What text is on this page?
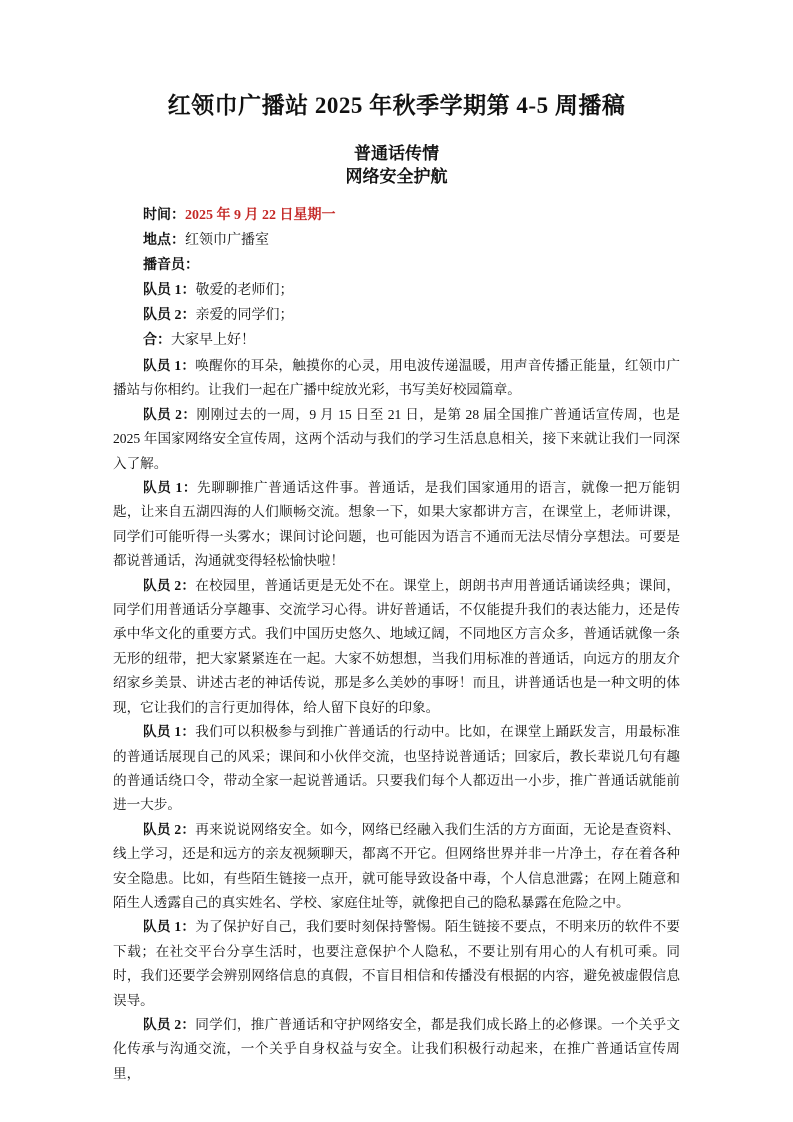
红领巾广播站 2025 年秋季学期第 4-5 周播稿
普通话传情
网络安全护航
时间：2025 年 9 月 22 日星期一
地点：红领巾广播室
播音员：
队员 1：敬爱的老师们；
队员 2：亲爱的同学们；
合：大家早上好！

队员 1：唤醒你的耳朵，触摸你的心灵，用电波传递温暖，用声音传播正能量，红领巾广播站与你相约。让我们一起在广播中绽放光彩，书写美好校园篇章。

队员 2：刚刚过去的一周，9 月 15 日至 21 日，是第 28 届全国推广普通话宣传周，也是 2025 年国家网络安全宣传周，这两个活动与我们的学习生活息息相关，接下来就让我们一同深入了解。

队员 1：先聊聊推广普通话这件事。普通话，是我们国家通用的语言，就像一把万能钥匙，让来自五湖四海的人们顺畅交流。想象一下，如果大家都讲方言，在课堂上，老师讲课，同学们可能听得一头雾水；课间讨论问题，也可能因为语言不通而无法尽情分享想法。可要是都说普通话，沟通就变得轻松愉快啦！

队员 2：在校园里，普通话更是无处不在。课堂上，朗朗书声用普通话诵读经典；课间，同学们用普通话分享趣事、交流学习心得。讲好普通话，不仅能提升我们的表达能力，还是传承中华文化的重要方式。我们中国历史悠久、地域辽阔，不同地区方言众多，普通话就像一条无形的纽带，把大家紧紧连在一起。大家不妨想想，当我们用标准的普通话，向远方的朋友介绍家乡美景、讲述古老的神话传说，那是多么美妙的事呀！而且，讲普通话也是一种文明的体现，它让我们的言行更加得体，给人留下良好的印象。

队员 1：我们可以积极参与到推广普通话的行动中。比如，在课堂上踊跃发言，用最标准的普通话展现自己的风采；课间和小伙伴交流，也坚持说普通话；回家后，教长辈说几句有趣的普通话绕口令，带动全家一起说普通话。只要我们每个人都迈出一小步，推广普通话就能前进一大步。

队员 2：再来说说网络安全。如今，网络已经融入我们生活的方方面面，无论是查资料、线上学习，还是和远方的亲友视频聊天，都离不开它。但网络世界并非一片净土，存在着各种安全隐患。比如，有些陌生链接一点开，就可能导致设备中毒，个人信息泄露；在网上随意和陌生人透露自己的真实姓名、学校、家庭住址等，就像把自己的隐私暴露在危险之中。

队员 1：为了保护好自己，我们要时刻保持警惕。陌生链接不要点，不明来历的软件不要下载；在社交平台分享生活时，也要注意保护个人隐私，不要让别有用心的人有机可乘。同时，我们还要学会辨别网络信息的真假，不盲目相信和传播没有根据的内容，避免被虚假信息误导。

队员 2：同学们，推广普通话和守护网络安全，都是我们成长路上的必修课。一个关乎文化传承与沟通交流，一个关乎自身权益与安全。让我们积极行动起来，在推广普通话宣传周里，
